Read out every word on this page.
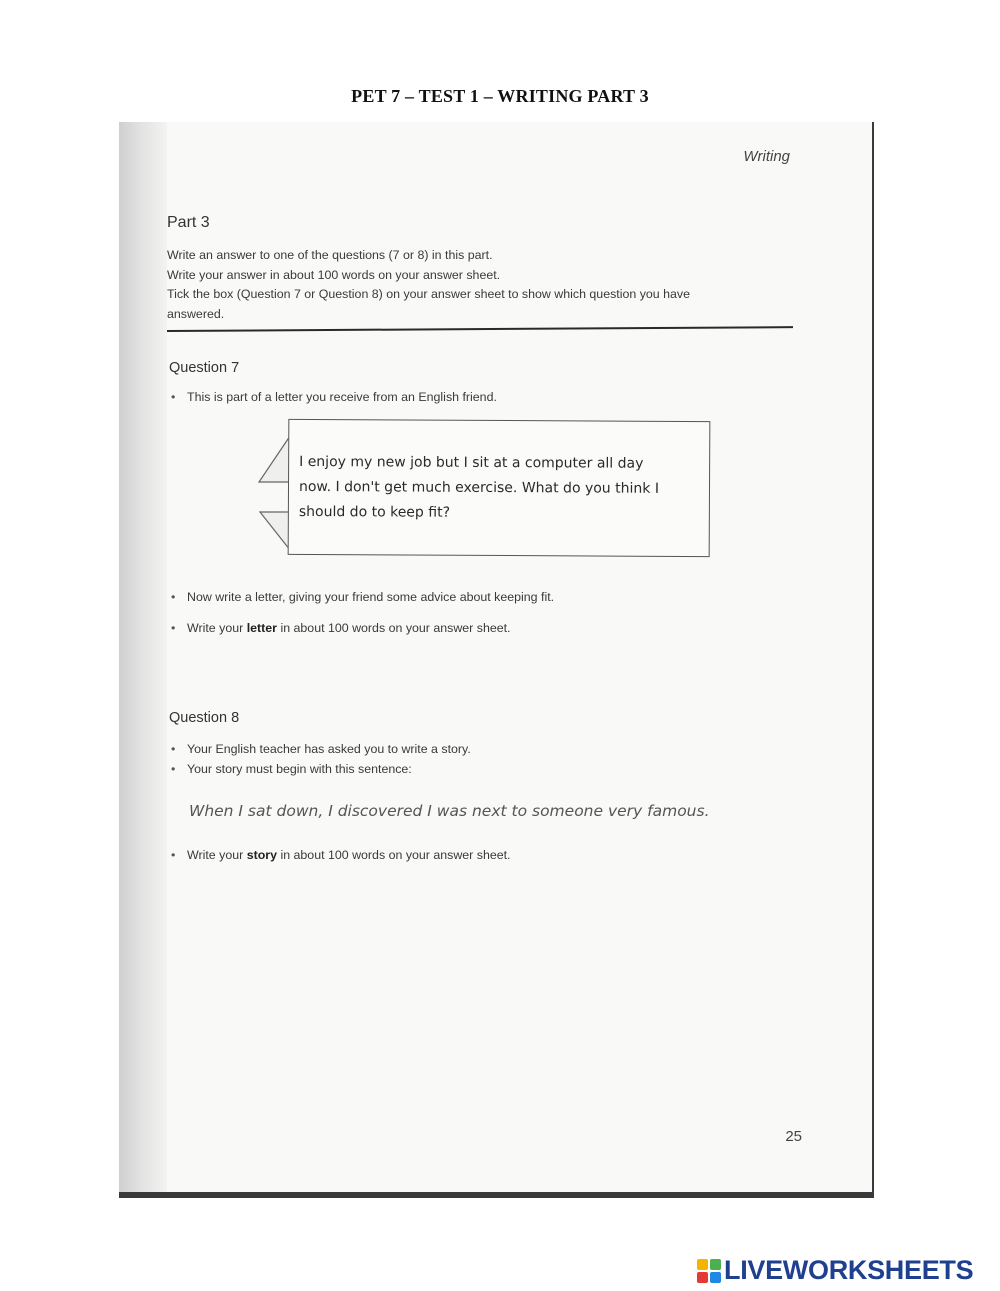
PET 7 – TEST 1 – WRITING PART 3
Writing
Part 3

Write an answer to one of the questions (7 or 8) in this part.

Write your answer in about 100 words on your answer sheet.

Tick the box (Question 7 or Question 8) on your answer sheet to show which question you have

answered.

Question 7
• This is part of a letter you receive from an English friend.
I enjoy my new job but I sit at a computer all day
now. I don't get much exercise. What do you think I
should do to keep fit?
• Now write a letter, giving your friend some advice about keeping fit.
• Write your letter in about 100 words on your answer sheet.
Question 8
• Your English teacher has asked you to write a story.
• Your story must begin with this sentence:
When I sat down, I discovered I was next to someone very famous.
• Write your story in about 100 words on your answer sheet.
25
LIVEWORKSHEETS
